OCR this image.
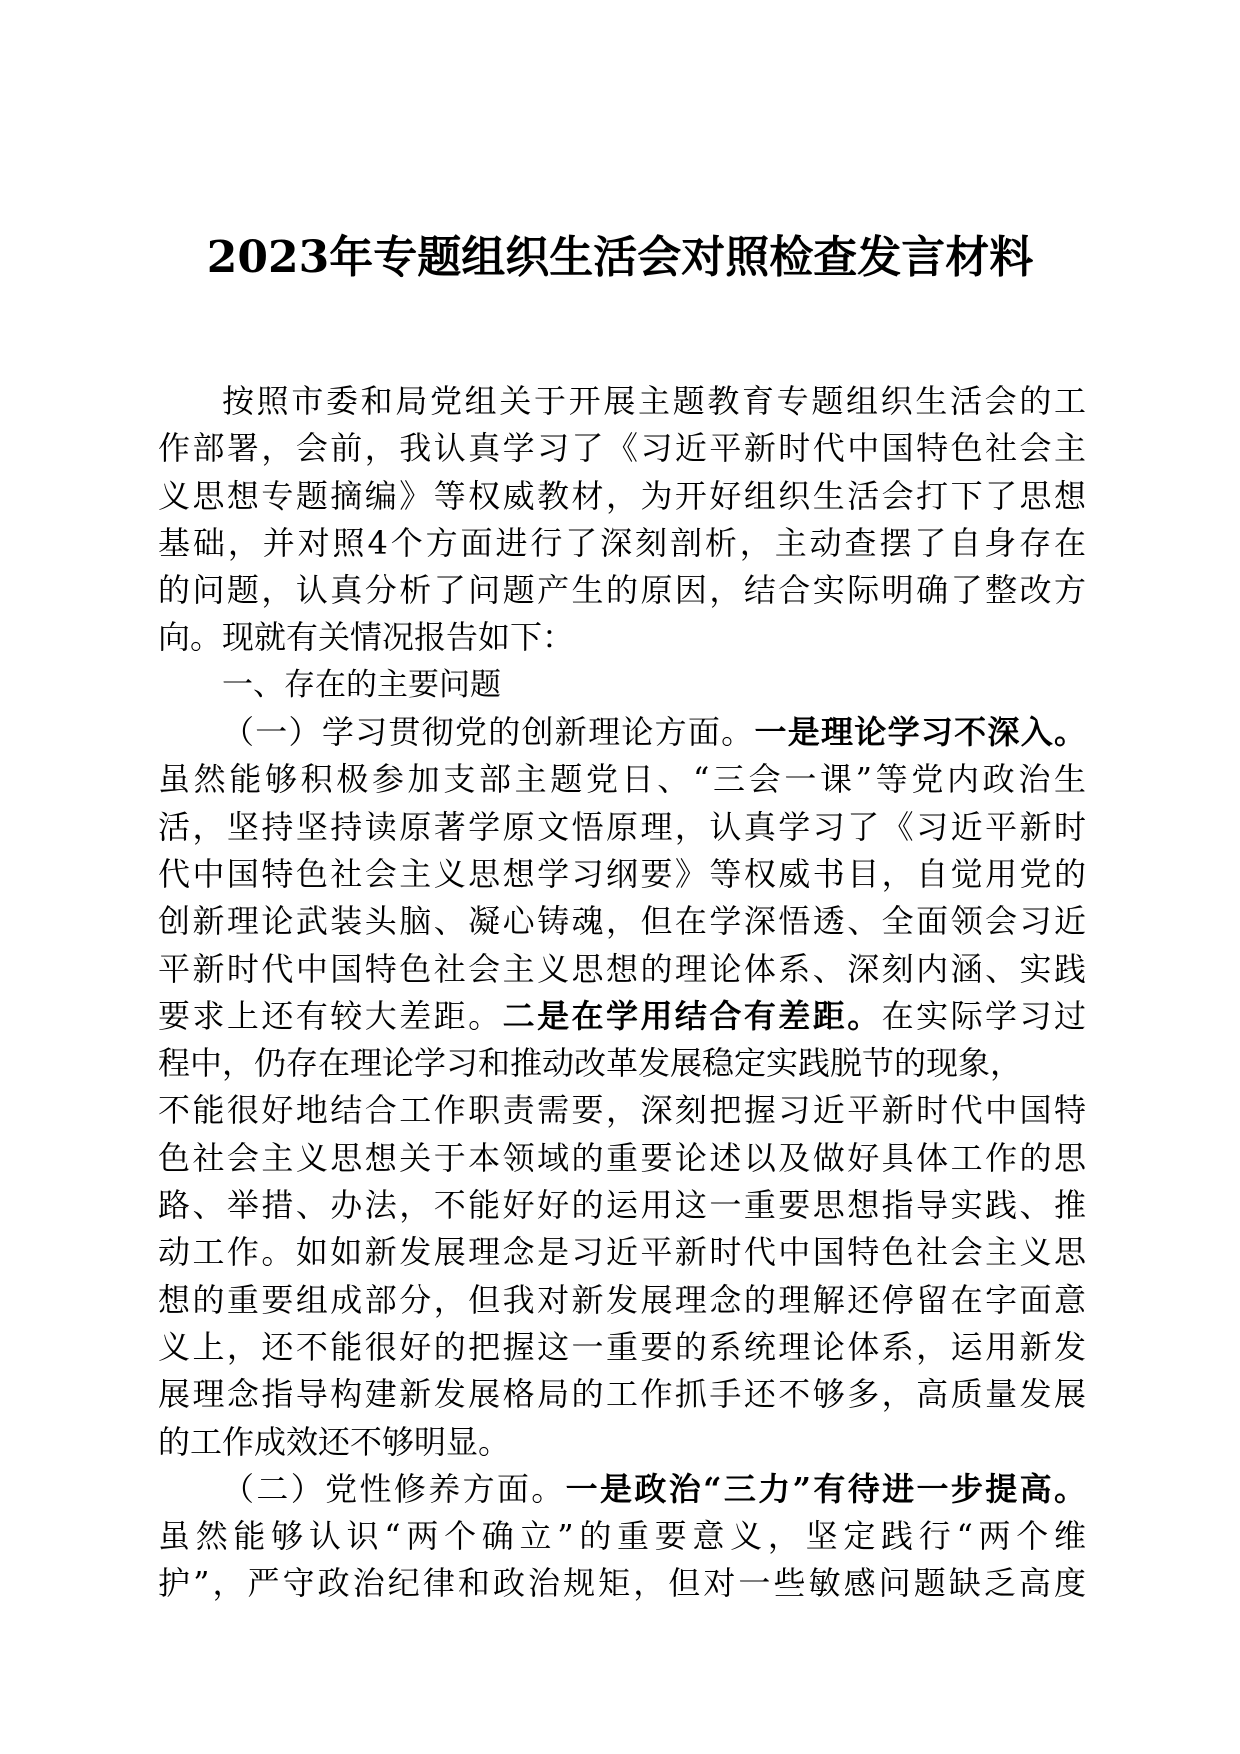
2023年专题组织生活会对照检查发言材料
按照市委和局党组关于开展主题教育专题组织生活会的工
作部署，会前，我认真学习了《习近平新时代中国特色社会主
义思想专题摘编》等权威教材，为开好组织生活会打下了思想
基础，并对照4个方面进行了深刻剖析，主动查摆了自身存在
的问题，认真分析了问题产生的原因，结合实际明确了整改方
向。现就有关情况报告如下：
一、存在的主要问题
（一）学习贯彻党的创新理论方面。一是理论学习不深入。
虽然能够积极参加支部主题党日、“三会一课”等党内政治生
活，坚持坚持读原著学原文悟原理，认真学习了《习近平新时
代中国特色社会主义思想学习纲要》等权威书目，自觉用党的
创新理论武装头脑、凝心铸魂，但在学深悟透、全面领会习近
平新时代中国特色社会主义思想的理论体系、深刻内涵、实践
要求上还有较大差距。二是在学用结合有差距。在实际学习过
程中，仍存在理论学习和推动改革发展稳定实践脱节的现象，
不能很好地结合工作职责需要，深刻把握习近平新时代中国特
色社会主义思想关于本领域的重要论述以及做好具体工作的思
路、举措、办法，不能好好的运用这一重要思想指导实践、推
动工作。如如新发展理念是习近平新时代中国特色社会主义思
想的重要组成部分，但我对新发展理念的理解还停留在字面意
义上，还不能很好的把握这一重要的系统理论体系，运用新发
展理念指导构建新发展格局的工作抓手还不够多，高质量发展
的工作成效还不够明显。
（二）党性修养方面。一是政治“三力”有待进一步提高。
虽然能够认识“两个确立”的重要意义，坚定践行“两个维
护”，严守政治纪律和政治规矩，但对一些敏感问题缺乏高度
